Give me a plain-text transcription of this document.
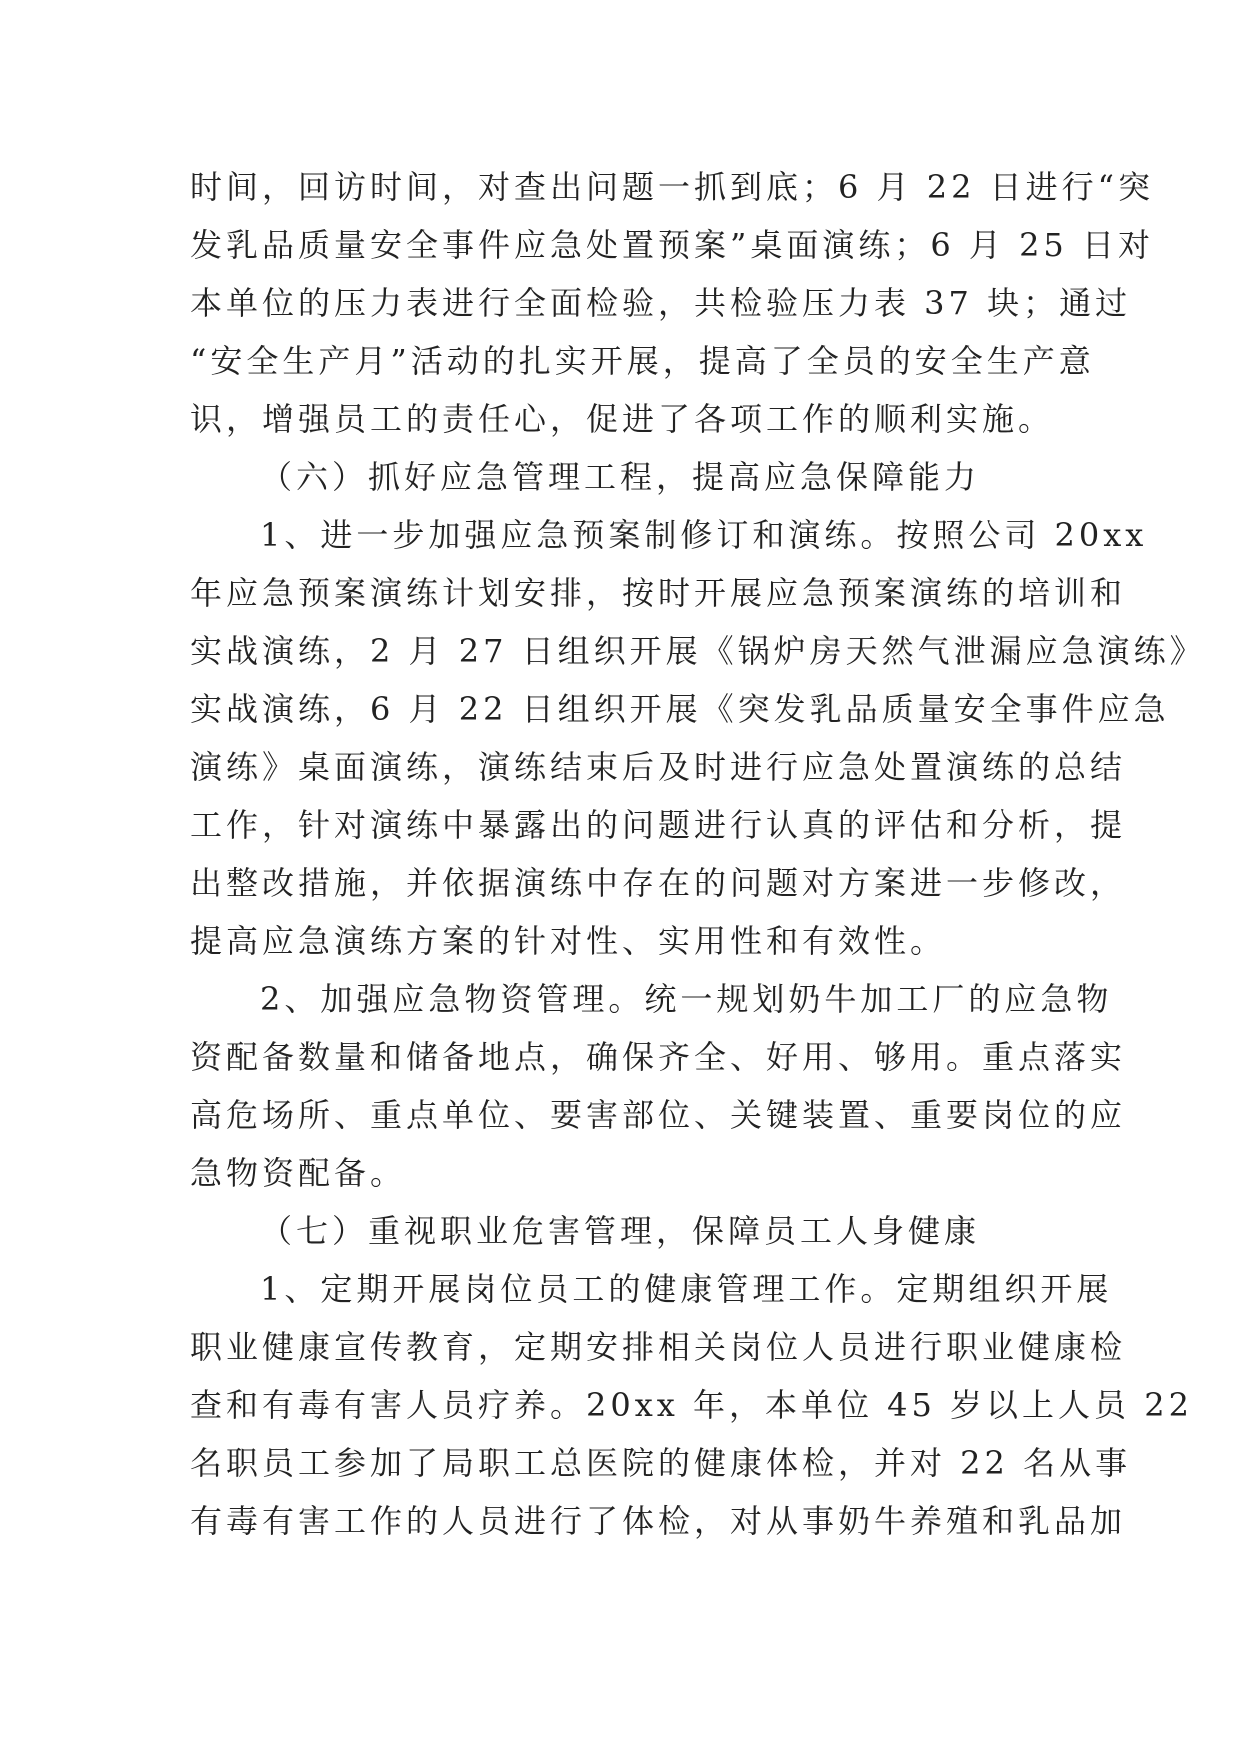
时间，回访时间，对查出问题一抓到底；6 月 22 日进行“突
发乳品质量安全事件应急处置预案”桌面演练；6 月 25 日对
本单位的压力表进行全面检验，共检验压力表 37 块；通过
“安全生产月”活动的扎实开展，提高了全员的安全生产意
识，增强员工的责任心，促进了各项工作的顺利实施。
（六）抓好应急管理工程，提高应急保障能力
1、进一步加强应急预案制修订和演练。按照公司 20xx
年应急预案演练计划安排，按时开展应急预案演练的培训和
实战演练，2 月 27 日组织开展《锅炉房天然气泄漏应急演练》
实战演练，6 月 22 日组织开展《突发乳品质量安全事件应急
演练》桌面演练，演练结束后及时进行应急处置演练的总结
工作，针对演练中暴露出的问题进行认真的评估和分析，提
出整改措施，并依据演练中存在的问题对方案进一步修改，
提高应急演练方案的针对性、实用性和有效性。
2、加强应急物资管理。统一规划奶牛加工厂的应急物
资配备数量和储备地点，确保齐全、好用、够用。重点落实
高危场所、重点单位、要害部位、关键装置、重要岗位的应
急物资配备。
（七）重视职业危害管理，保障员工人身健康
1、定期开展岗位员工的健康管理工作。定期组织开展
职业健康宣传教育，定期安排相关岗位人员进行职业健康检
查和有毒有害人员疗养。20xx 年，本单位 45 岁以上人员 22
名职员工参加了局职工总医院的健康体检，并对 22 名从事
有毒有害工作的人员进行了体检，对从事奶牛养殖和乳品加
